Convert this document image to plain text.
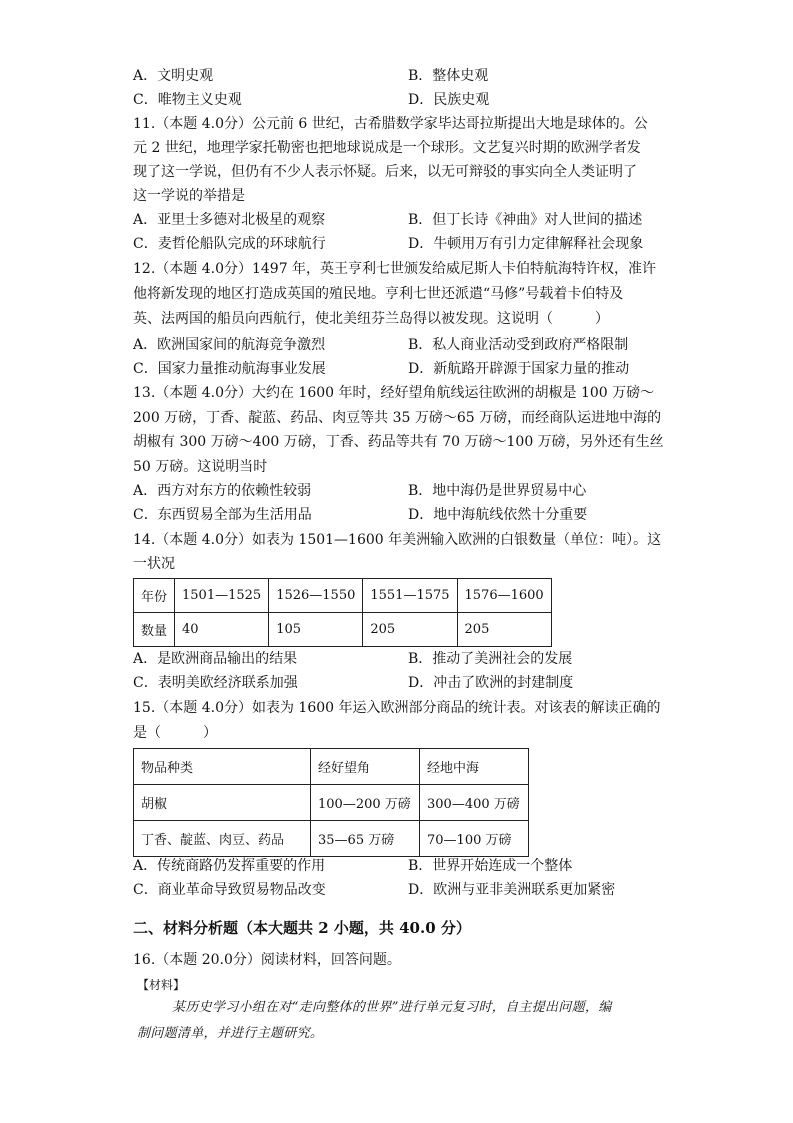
A．文明史观	B．整体史观
C．唯物主义史观	D．民族史观
11.（本题 4.0分）公元前 6 世纪，古希腊数学家毕达哥拉斯提出大地是球体的。公
元 2 世纪，地理学家托勒密也把地球说成是一个球形。文艺复兴时期的欧洲学者发
现了这一学说，但仍有不少人表示怀疑。后来，以无可辩驳的事实向全人类证明了
这一学说的举措是
A．亚里士多德对北极星的观察	B．但丁长诗《神曲》对人世间的描述
C．麦哲伦船队完成的环球航行	D．牛顿用万有引力定律解释社会现象
12.（本题 4.0分）1497 年，英王亨利七世颁发给威尼斯人卡伯特航海特许权，准许
他将新发现的地区打造成英国的殖民地。亨利七世还派遣“马修”号载着卡伯特及
英、法两国的船员向西航行，使北美纽芬兰岛得以被发现。这说明（　　　）
A．欧洲国家间的航海竞争激烈	B．私人商业活动受到政府严格限制
C．国家力量推动航海事业发展	D．新航路开辟源于国家力量的推动
13.（本题 4.0分）大约在 1600 年时，经好望角航线运往欧洲的胡椒是 100 万磅～
200 万磅，丁香、靛蓝、药品、肉豆等共 35 万磅～65 万磅，而经商队运进地中海的
胡椒有 300 万磅～400 万磅，丁香、药品等共有 70 万磅～100 万磅，另外还有生丝
50 万磅。这说明当时
A．西方对东方的依赖性较弱	B．地中海仍是世界贸易中心
C．东西贸易全部为生活用品	D．地中海航线依然十分重要
14.（本题 4.0分）如表为 1501—1600 年美洲输入欧洲的白银数量（单位：吨）。这
一状况
年份	1501—1525	1526—1550	1551—1575	1576—1600
数量	40	105	205	205
A．是欧洲商品输出的结果	B．推动了美洲社会的发展
C．表明美欧经济联系加强	D．冲击了欧洲的封建制度
15.（本题 4.0分）如表为 1600 年运入欧洲部分商品的统计表。对该表的解读正确的
是（　　　）
物品种类	经好望角	经地中海
胡椒	100—200 万磅	300—400 万磅
丁香、靛蓝、肉豆、药品	35—65 万磅	70—100 万磅
A．传统商路仍发挥重要的作用	B．世界开始连成一个整体
C．商业革命导致贸易物品改变	D．欧洲与亚非美洲联系更加紧密
二、材料分析题（本大题共 2 小题，共 40.0 分）
16.（本题 20.0分）阅读材料，回答问题。
【材料】
某历史学习小组在对“走向整体的世界”进行单元复习时，自主提出问题，编
制问题清单，并进行主题研究。
